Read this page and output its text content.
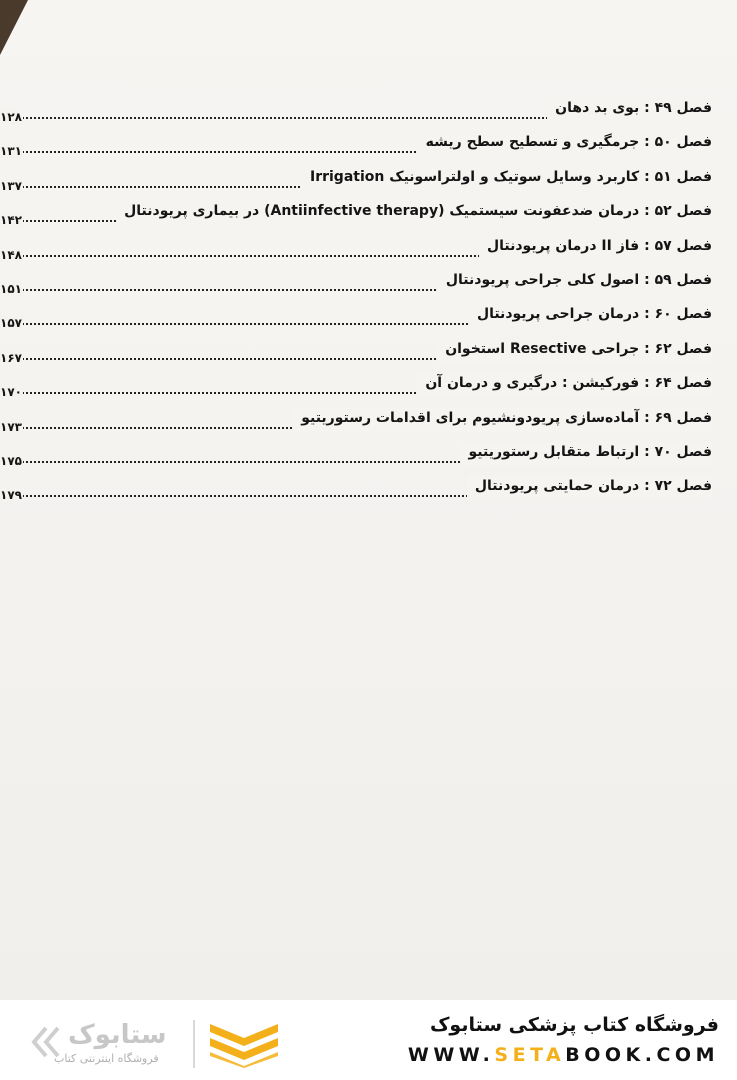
فصل ۴۹ : بوی بد دهان
۱۲۸
فصل ۵۰ : جرمگیری و تسطیح سطح ریشه
۱۳۱
فصل ۵۱ : کاربرد وسایل سوتیک و اولتراسونیک Irrigation
۱۳۷
فصل ۵۲ : درمان ضدعفونت سیستمیک (Antiinfective therapy) در بیماری پریودنتال
۱۴۲
فصل ۵۷ : فاز II درمان پریودنتال
۱۴۸
فصل ۵۹ : اصول کلی جراحی پریودنتال
۱۵۱
فصل ۶۰ : درمان جراحی پریودنتال
۱۵۷
فصل ۶۲ : جراحی Resective استخوان
۱۶۷
فصل ۶۴ : فورکیشن : درگیری و درمان آن
۱۷۰
فصل ۶۹ : آماده‌سازی پریودونشیوم برای اقدامات رستوریتیو
۱۷۳
فصل ۷۰ : ارتباط متقابل رستوریتیو
۱۷۵
فصل ۷۲ : درمان حمایتی پریودنتال
۱۷۹
ستابوک
فروشگاه اینترنتی کتاب
فروشگاه کتاب پزشکی ستابوک
WWW.SETABOOK.COM
